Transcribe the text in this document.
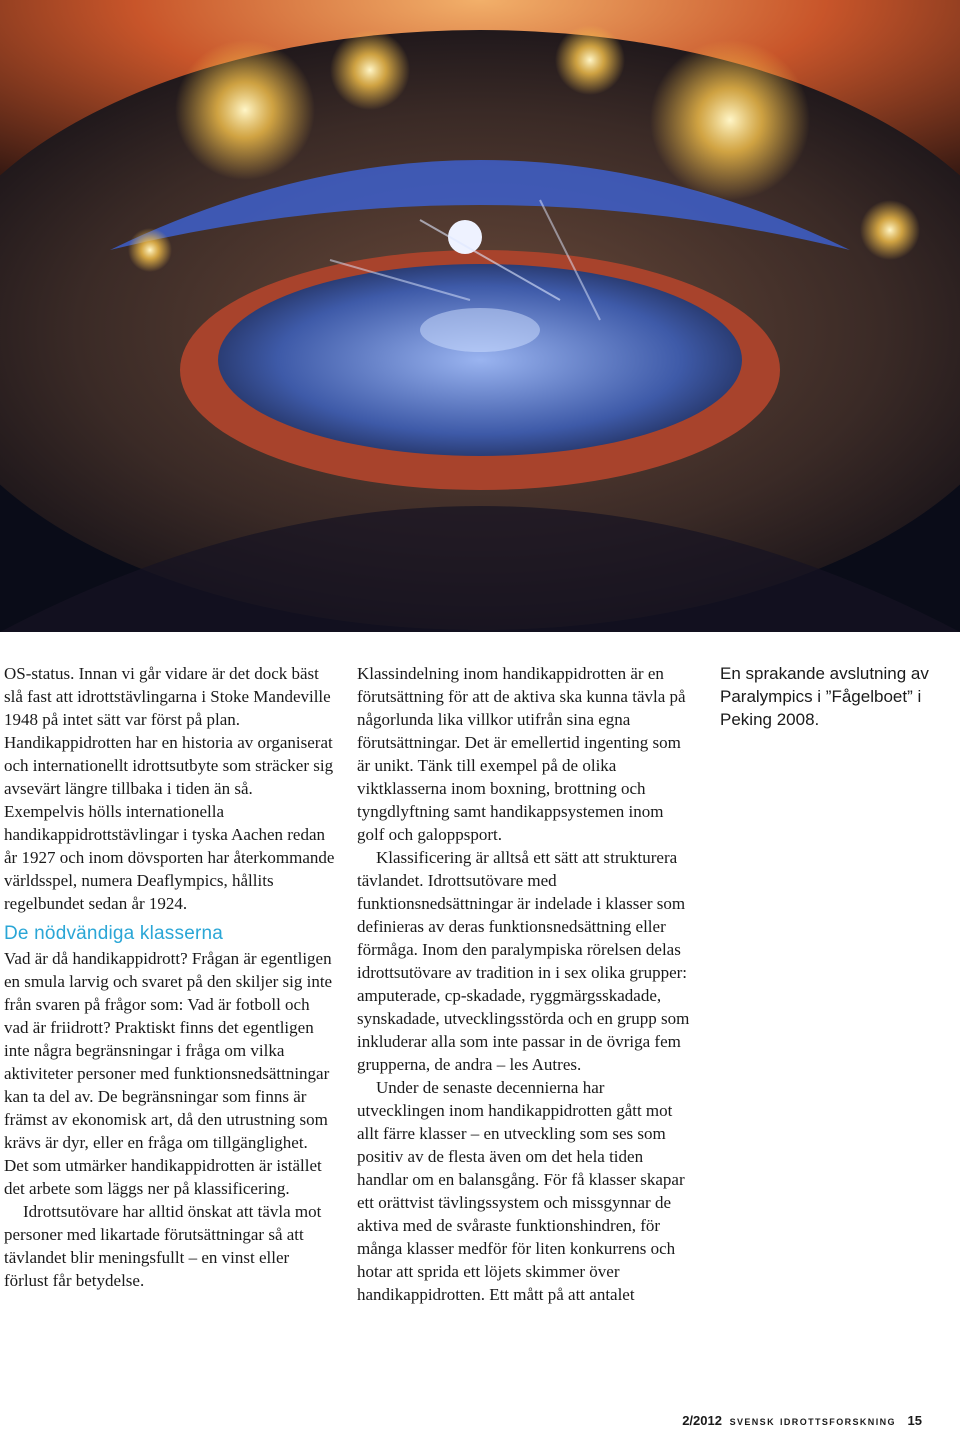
OS-status. Innan vi går vidare är det dock bäst slå fast att idrottstävlingarna i Stoke Mandeville 1948 på intet sätt var först på plan. Handikappidrotten har en historia av organiserat och internationellt idrottsutbyte som sträcker sig avsevärt längre tillbaka i tiden än så. Exempelvis hölls internationella handikappidrottstävlingar i tyska Aachen redan år 1927 och inom dövsporten har återkommande världsspel, numera Deaflympics, hållits regelbundet sedan år 1924.

De nödvändiga klasserna

Vad är då handikappidrott? Frågan är egentligen en smula larvig och svaret på den skiljer sig inte från svaren på frågor som: Vad är fotboll och vad är friidrott? Praktiskt finns det egentligen inte några begränsningar i fråga om vilka aktiviteter personer med funktionsnedsättningar kan ta del av. De begränsningar som finns är främst av ekonomisk art, då den utrustning som krävs är dyr, eller en fråga om tillgänglighet. Det som utmärker handikappidrotten är istället det arbete som läggs ner på klassificering.

Idrottsutövare har alltid önskat att tävla mot personer med likartade förutsättningar så att tävlandet blir meningsfullt – en vinst eller förlust får betydelse.

Klassindelning inom handikappidrotten är en förutsättning för att de aktiva ska kunna tävla på någorlunda lika villkor utifrån sina egna förutsättningar. Det är emellertid ingenting som är unikt. Tänk till exempel på de olika viktklasserna inom boxning, brottning och tyngdlyftning samt handikappsystemen inom golf och galoppsport.

Klassificering är alltså ett sätt att strukturera tävlandet. Idrottsutövare med funktionsnedsättningar är indelade i klasser som definieras av deras funktionsnedsättning eller förmåga. Inom den paralympiska rörelsen delas idrottsutövare av tradition in i sex olika grupper: amputerade, cp-skadade, ryggmärgsskadade, synskadade, utvecklingsstörda och en grupp som inkluderar alla som inte passar in de övriga fem grupperna, de andra – les Autres.

Under de senaste decennierna har utvecklingen inom handikappidrotten gått mot allt färre klasser – en utveckling som ses som positiv av de flesta även om det hela tiden handlar om en balansgång. För få klasser skapar ett orättvist tävlingssystem och missgynnar de aktiva med de svåraste funktionshindren, för många klasser medför för liten konkurrens och hotar att sprida ett löjets skimmer över handikappidrotten. Ett mått på att antalet

En sprakande avslutning av Paralympics i ”Fågelboet” i Peking 2008.

2/2012 svensk idrottsforskning 15
